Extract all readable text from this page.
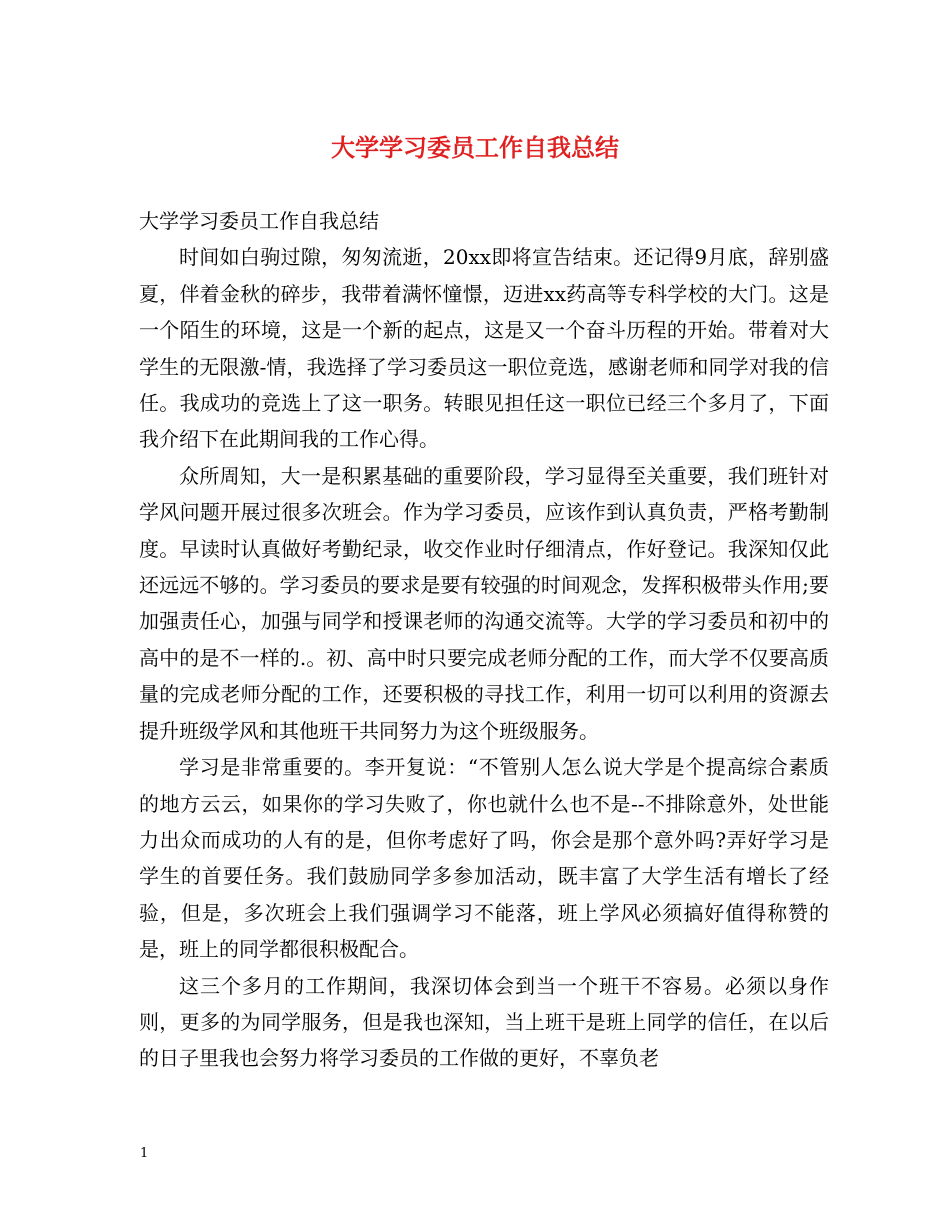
大学学习委员工作自我总结

大学学习委员工作自我总结

时间如白驹过隙，匆匆流逝，20xx即将宣告结束。还记得9月底，辞别盛夏，伴着金秋的碎步，我带着满怀憧憬，迈进xx药高等专科学校的大门。这是一个陌生的环境，这是一个新的起点，这是又一个奋斗历程的开始。带着对大学生的无限激-情，我选择了学习委员这一职位竞选，感谢老师和同学对我的信任。我成功的竞选上了这一职务。转眼见担任这一职位已经三个多月了，下面我介绍下在此期间我的工作心得。

众所周知，大一是积累基础的重要阶段，学习显得至关重要，我们班针对学风问题开展过很多次班会。作为学习委员，应该作到认真负责，严格考勤制度。早读时认真做好考勤纪录，收交作业时仔细清点，作好登记。我深知仅此还远远不够的。学习委员的要求是要有较强的时间观念，发挥积极带头作用;要加强责任心，加强与同学和授课老师的沟通交流等。大学的学习委员和初中的高中的是不一样的.。初、高中时只要完成老师分配的工作，而大学不仅要高质量的完成老师分配的工作，还要积极的寻找工作，利用一切可以利用的资源去提升班级学风和其他班干共同努力为这个班级服务。

学习是非常重要的。李开复说：“不管别人怎么说大学是个提高综合素质的地方云云，如果你的学习失败了，你也就什么也不是--不排除意外，处世能力出众而成功的人有的是，但你考虑好了吗，你会是那个意外吗?弄好学习是学生的首要任务。我们鼓励同学多参加活动，既丰富了大学生活有增长了经验，但是，多次班会上我们强调学习不能落，班上学风必须搞好值得称赞的是，班上的同学都很积极配合。

这三个多月的工作期间，我深切体会到当一个班干不容易。必须以身作则，更多的为同学服务，但是我也深知，当上班干是班上同学的信任，在以后的日子里我也会努力将学习委员的工作做的更好，不辜负老

1
